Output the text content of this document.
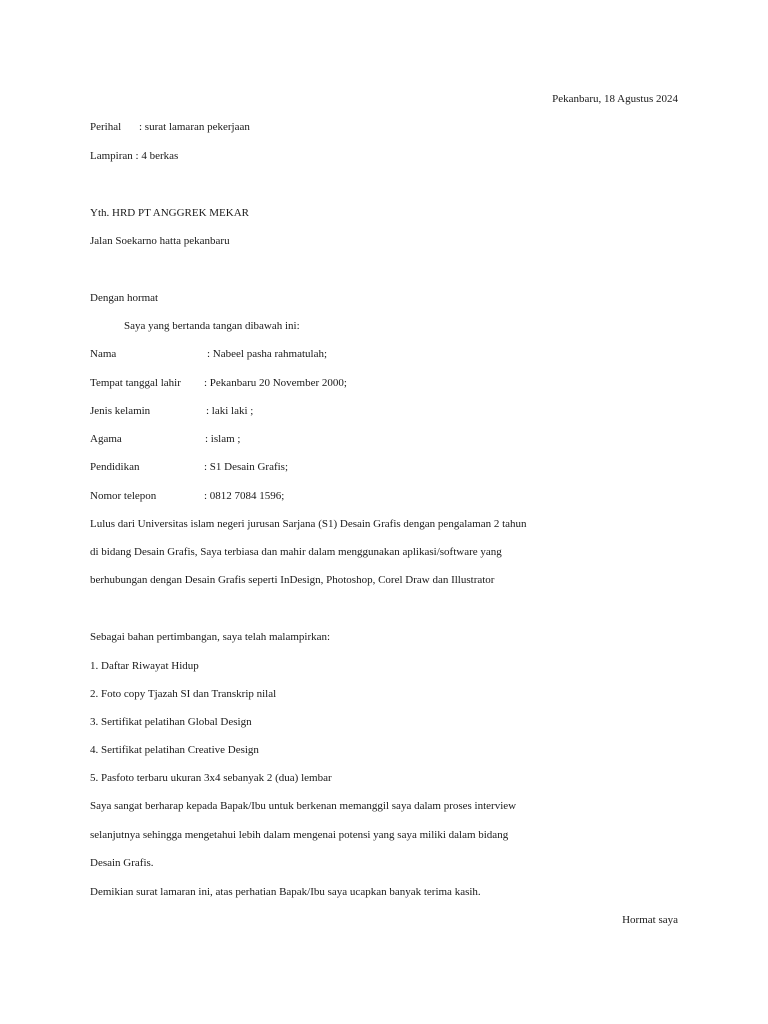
Pekanbaru, 18 Agustus 2024
Perihal : surat lamaran pekerjaan
Lampiran : 4 berkas
Yth. HRD PT ANGGREK MEKAR
Jalan Soekarno hatta pekanbaru
Dengan hormat
Saya yang bertanda tangan dibawah ini:
Nama	: Nabeel pasha rahmatulah;
Tempat tanggal lahir : Pekanbaru 20 November 2000;
Jenis kelamin	: laki laki ;
Agama	: islam ;
Pendidikan	: S1 Desain Grafis;
Nomor telepon	: 0812 7084 1596;
Lulus dari Universitas islam negeri jurusan Sarjana (S1) Desain Grafis dengan pengalaman 2 tahun
di bidang Desain Grafis, Saya terbiasa dan mahir dalam menggunakan aplikasi/software yang
berhubungan dengan Desain Grafis seperti InDesign, Photoshop, Corel Draw dan Illustrator
Sebagai bahan pertimbangan, saya telah malampirkan:
1. Daftar Riwayat Hidup
2. Foto copy Tjazah SI dan Transkrip nilal
3. Sertifikat pelatihan Global Design
4. Sertifikat pelatihan Creative Design
5. Pasfoto terbaru ukuran 3x4 sebanyak 2 (dua) lembar
Saya sangat berharap kepada Bapak/Ibu untuk berkenan memanggil saya dalam proses interview
selanjutnya sehingga mengetahui lebih dalam mengenai potensi yang saya miliki dalam bidang
Desain Grafis.
Demikian surat lamaran ini, atas perhatian Bapak/Ibu saya ucapkan banyak terima kasih.
Hormat saya
